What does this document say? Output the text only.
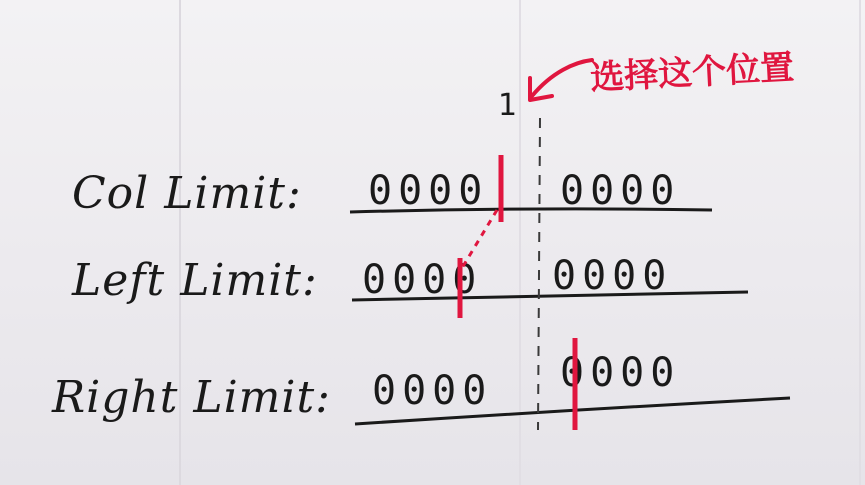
选择这个位置
1
Col Limit: 0000 0000
Left Limit: 0000 0000
Right Limit: 0000 0000
